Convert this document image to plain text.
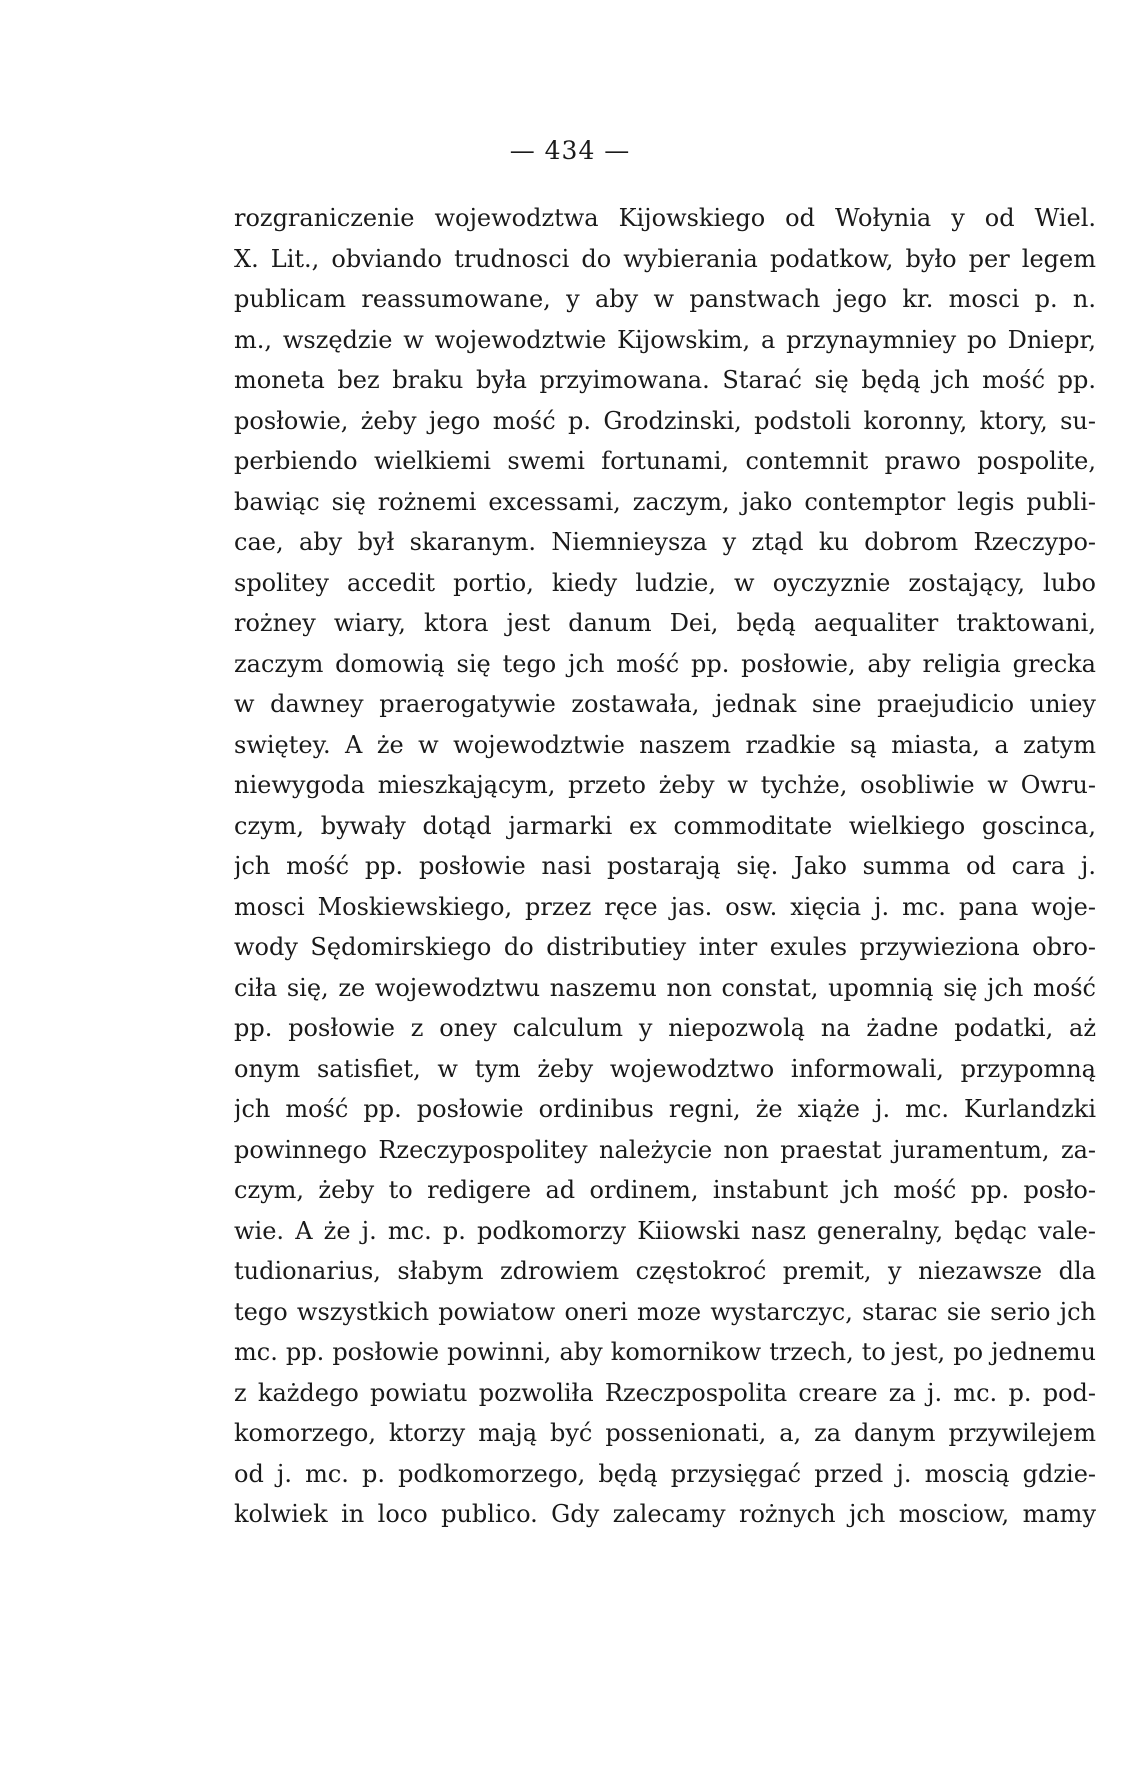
— 434 —
rozgraniczenie wojewodztwa Kijowskiego od Wołynia y od Wiel.
X. Lit., obviando trudnosci do wybierania podatkow, było per legem
publicam reassumowane, y aby w panstwach jego kr. mosci p. n.
m., wszędzie w wojewodztwie Kijowskim, a przynaymniey po Dniepr,
moneta bez braku była przyimowana. Starać się będą jch mość pp.
posłowie, żeby jego mość p. Grodzinski, podstoli koronny, ktory, su-
perbiendo wielkiemi swemi fortunami, contemnit prawo pospolite,
bawiąc się rożnemi excessami, zaczym, jako contemptor legis publi-
cae, aby był skaranym. Niemnieysza y ztąd ku dobrom Rzeczypo-
spolitey accedit portio, kiedy ludzie, w oyczyznie zostający, lubo
rożney wiary, ktora jest danum Dei, będą aequaliter traktowani,
zaczym domowią się tego jch mość pp. posłowie, aby religia grecka
w dawney praerogatywie zostawała, jednak sine praejudicio uniey
swiętey. A że w wojewodztwie naszem rzadkie są miasta, a zatym
niewygoda mieszkającym, przeto żeby w tychże, osobliwie w Owru-
czym, bywały dotąd jarmarki ex commoditate wielkiego goscinca,
jch mość pp. posłowie nasi postarają się. Jako summa od cara j.
mosci Moskiewskiego, przez ręce jas. osw. xięcia j. mc. pana woje-
wody Sędomirskiego do distributiey inter exules przywieziona obro-
ciła się, ze wojewodztwu naszemu non constat, upomnią się jch mość
pp. posłowie z oney calculum y niepozwolą na żadne podatki, aż
onym satisfiet, w tym żeby wojewodztwo informowali, przypomną
jch mość pp. posłowie ordinibus regni, że xiąże j. mc. Kurlandzki
powinnego Rzeczypospolitey należycie non praestat juramentum, za-
czym, żeby to redigere ad ordinem, instabunt jch mość pp. posło-
wie. A że j. mc. p. podkomorzy Kiiowski nasz generalny, będąc vale-
tudionarius, słabym zdrowiem częstokroć premit, y niezawsze dla
tego wszystkich powiatow oneri moze wystarczyc, starac sie serio jch
mc. pp. posłowie powinni, aby komornikow trzech, to jest, po jednemu
z każdego powiatu pozwoliła Rzeczpospolita creare za j. mc. p. pod-
komorzego, ktorzy mają być possenionati, a, za danym przywilejem
od j. mc. p. podkomorzego, będą przysięgać przed j. moscią gdzie-
kolwiek in loco publico. Gdy zalecamy rożnych jch mosciow, mamy
